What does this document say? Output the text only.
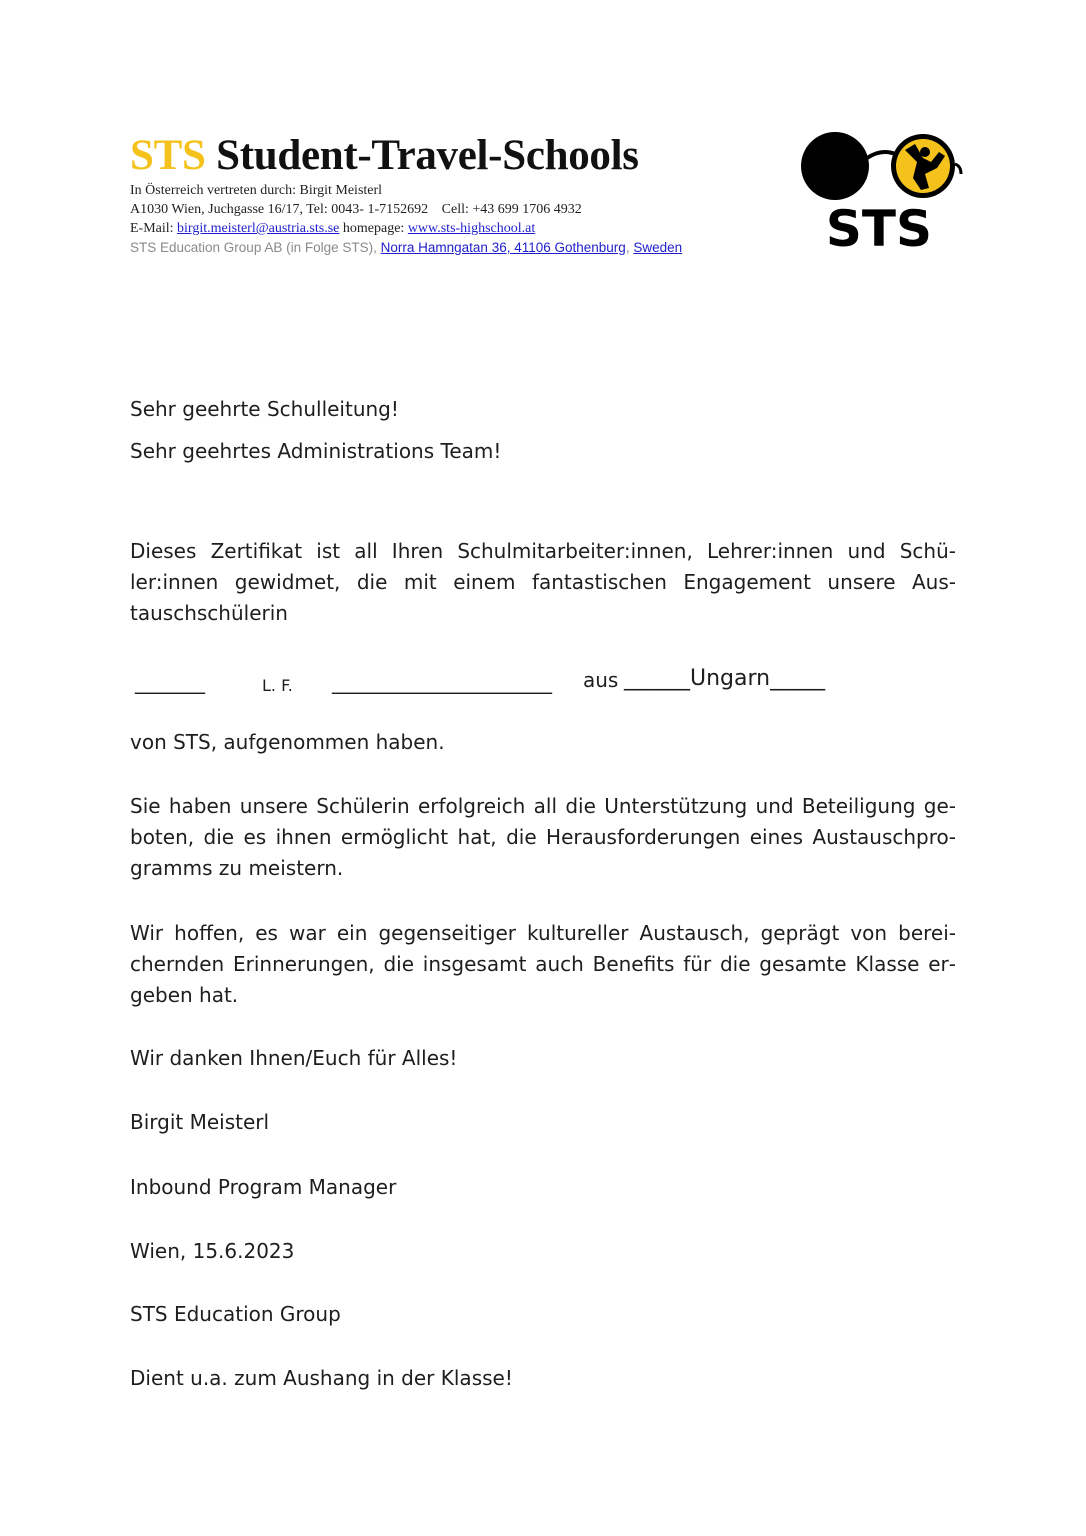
STS Student-Travel-Schools
In Österreich vertreten durch: Birgit Meisterl
A1030 Wien, Juchgasse 16/17, Tel: 0043- 1-7152692 Cell: +43 699 1706 4932
E-Mail: birgit.meisterl@austria.sts.se homepage: www.sts-highschool.at
STS Education Group AB (in Folge STS), Norra Hamngatan 36, 41106 Gothenburg, Sweden	STS

Sehr geehrte Schulleitung!

Sehr geehrtes Administrations Team!

Dieses Zertifikat ist all Ihren Schulmitarbeiter:innen, Lehrer:innen und Schüler:innen gewidmet, die mit einem fantastischen Engagement unsere Austauschschülerin

_______	L. F. ______________________ aus ______Ungarn_____

von STS, aufgenommen haben.

Sie haben unsere Schülerin erfolgreich all die Unterstützung und Beteiligung geboten, die es ihnen ermöglicht hat, die Herausforderungen eines Austauschprogramms zu meistern.

Wir hoffen, es war ein gegenseitiger kultureller Austausch, geprägt von bereichernden Erinnerungen, die insgesamt auch Benefits für die gesamte Klasse ergeben hat.

Wir danken Ihnen/Euch für Alles!

Birgit Meisterl

Inbound Program Manager

Wien, 15.6.2023

STS Education Group

Dient u.a. zum Aushang in der Klasse!
